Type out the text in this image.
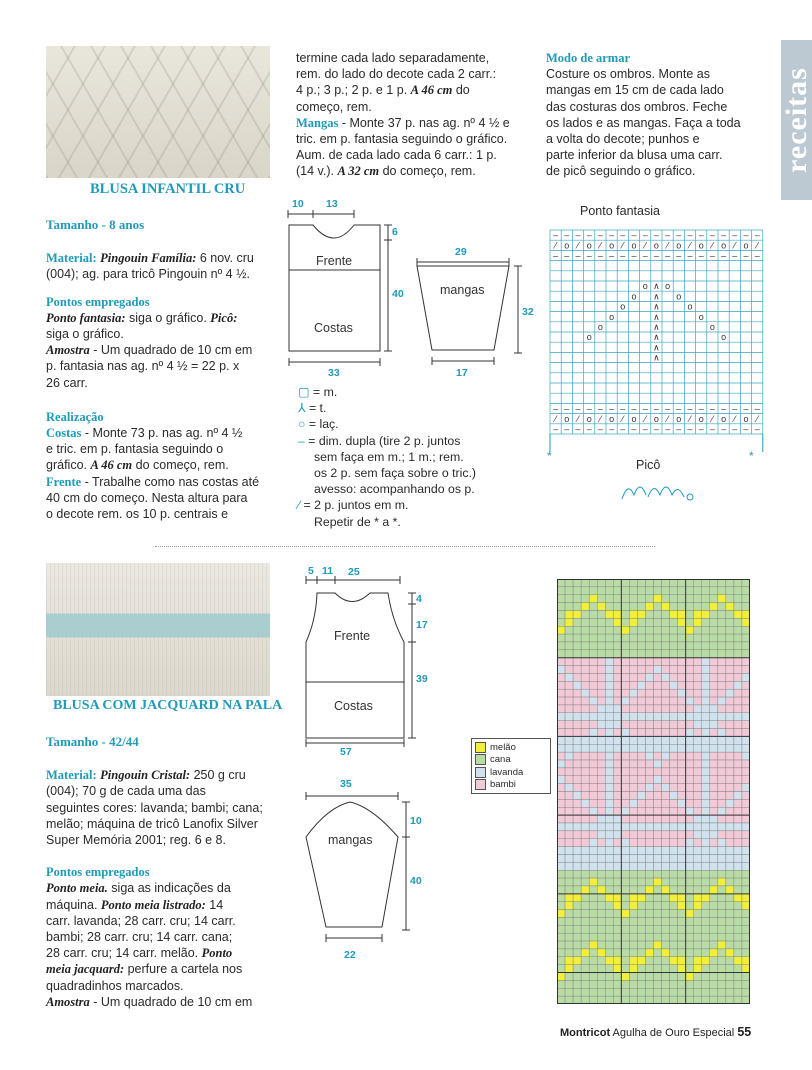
receitas
BLUSA INFANTIL CRU
Tamanho - 8 anos
Material: Pingouin Família: 6 nov. cru
(004); ag. para tricô Pingouin nº 4 ½.
Pontos empregados
Ponto fantasia: siga o gráfico. Picô:
siga o gráfico.
Amostra - Um quadrado de 10 cm em
p. fantasia nas ag. nº 4 ½ = 22 p. x
26 carr.
Realização
Costas - Monte 73 p. nas ag. nº 4 ½
e tric. em p. fantasia seguindo o
gráfico. A 46 cm do começo, rem.
Frente - Trabalhe como nas costas até
40 cm do começo. Nesta altura para
o decote rem. os 10 p. centrais e
termine cada lado separadamente,
rem. do lado do decote cada 2 carr.:
4 p.; 3 p.; 2 p. e 1 p. A 46 cm do
começo, rem.
Mangas - Monte 37 p. nas ag. nº 4 ½ e
tric. em p. fantasia seguindo o gráfico.
Aum. de cada lado cada 6 carr.: 1 p.
(14 v.). A 32 cm do começo, rem.
Modo de armar
Costure os ombros. Monte as
mangas em 15 cm de cada lado
das costuras dos ombros. Feche
os lados e as mangas. Faça a toda
a volta do decote; punhos e
parte inferior da blusa uma carr.
de picô seguindo o gráfico.
10 13
6
40
33
Frente
Costas
29
32
17
mangas
▢ = m.
⅄ = t.
○ = laç.
– = dim. dupla (tire 2 p. juntos
sem faça em m.; 1 m.; rem.
os 2 p. sem faça sobre o tric.)
avesso: acompanhando os p.
⁄ = 2 p. juntos em m.
Repetir de * a *.
Ponto fantasia
– – – – – – – – – – – – – – – – – – –
– – – – – – – – – – – – – – – – – – –
– – – – – – – – – – – – – – – – – – –
– – – – – – – – – – – – – – – – – – –
⁄ o ⁄ o ⁄ o ⁄ o ⁄ o ⁄ o ⁄ o ⁄ o ⁄ o ⁄
⁄ o ⁄ o ⁄ o ⁄ o ⁄ o ⁄ o ⁄ o ⁄ o ⁄ o ⁄
∧
o o
∧
o	o
∧
o	o
∧
o	o
∧
o	o
∧
o	o
∧
∧
*	*
Picô
BLUSA COM JACQUARD NA PALA
Tamanho - 42/44
Material: Pingouin Cristal: 250 g cru
(004); 70 g de cada uma das
seguintes cores: lavanda; bambi; cana;
melão; máquina de tricô Lanofix Silver
Super Memória 2001; reg. 6 e 8.
Pontos empregados
Ponto meia. siga as indicações da
máquina. Ponto meia listrado: 14
carr. lavanda; 28 carr. cru; 14 carr.
bambi; 28 carr. cru; 14 carr. cana;
28 carr. cru; 14 carr. melão. Ponto
meia jacquard: perfure a cartela nos
quadradinhos marcados.
Amostra - Um quadrado de 10 cm em
5 11 25
4
17
39
57
Frente
Costas
35
10
40
22
mangas
melão
cana
lavanda
bambi
Montricot Agulha de Ouro Especial 55
